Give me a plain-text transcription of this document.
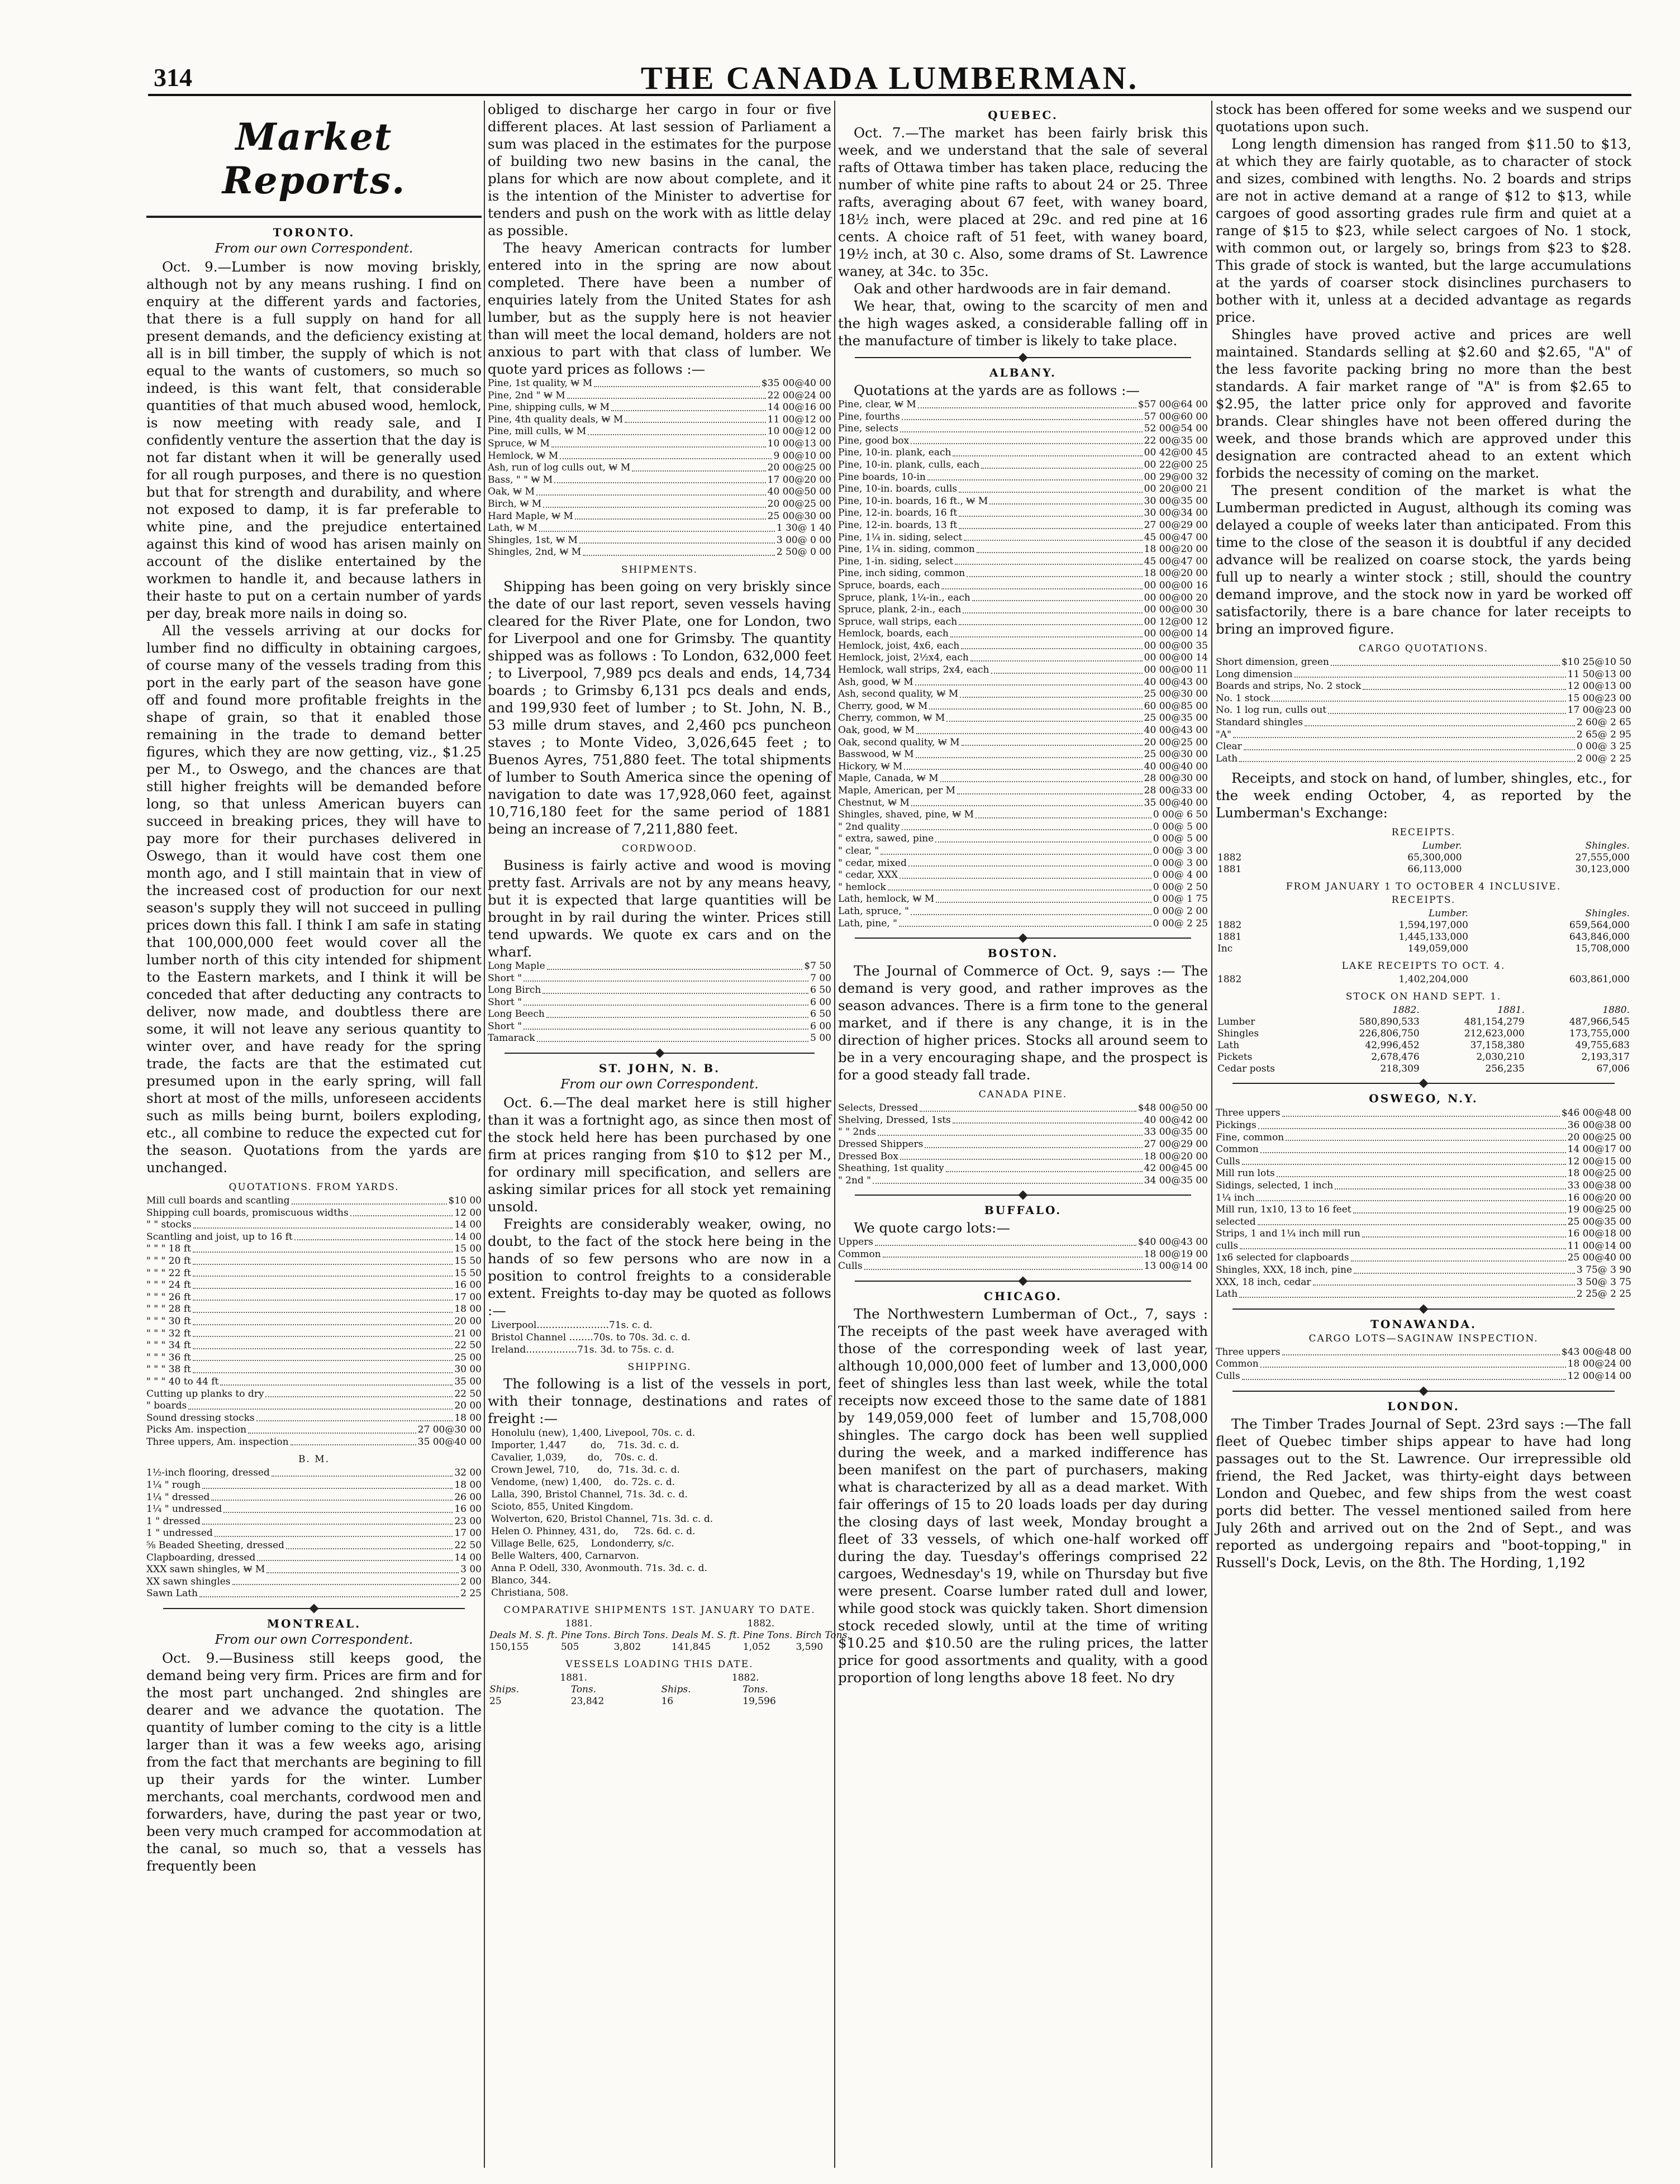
314	THE CANADA LUMBERMAN.
Market Reports.
TORONTO.
From our own Correspondent.

Oct. 9.—Lumber is now moving briskly, although not by any means rushing. I find on enquiry at the different yards and factories, that there is a full supply on hand for all present demands, and the deficiency existing at all is in bill timber, the supply of which is not equal to the wants of customers, so much so indeed, is this want felt, that considerable quantities of that much abused wood, hemlock, is now meeting with ready sale, and I confidently venture the assertion that the day is not far distant when it will be generally used for all rough purposes, and there is no question but that for strength and durability, and where not exposed to damp, it is far preferable to white pine, and the prejudice entertained against this kind of wood has arisen mainly on account of the dislike entertained by the workmen to handle it, and because lathers in their haste to put on a certain number of yards per day, break more nails in doing so.

All the vessels arriving at our docks for lumber find no difficulty in obtaining cargoes, of course many of the vessels trading from this port in the early part of the season have gone off and found more profitable freights in the shape of grain, so that it enabled those remaining in the trade to demand better figures, which they are now getting, viz., $1.25 per M., to Oswego, and the chances are that still higher freights will be demanded before long, so that unless American buyers can succeed in breaking prices, they will have to pay more for their purchases delivered in Oswego, than it would have cost them one month ago, and I still maintain that in view of the increased cost of production for our next season's supply they will not succeed in pulling prices down this fall. I think I am safe in stating that 100,000,000 feet would cover all the lumber north of this city intended for shipment to the Eastern markets, and I think it will be conceded that after deducting any contracts to deliver, now made, and doubtless there are some, it will not leave any serious quantity to winter over, and have ready for the spring trade, the facts are that the estimated cut presumed upon in the early spring, will fall short at most of the mills, unforeseen accidents such as mills being burnt, boilers exploding, etc., all combine to reduce the expected cut for the season. Quotations from the yards are unchanged.

QUOTATIONS. FROM YARDS.
Mill cull boards and scantling	$10 00
Shipping cull boards, promiscuous widths	12 00
" " stocks	14 00
Scantling and joist, up to 16 ft	14 00
" " " 18 ft	15 00
" " " 20 ft	15 50
" " " 22 ft	15 50
" " " 24 ft	16 00
" " " 26 ft	17 00
" " " 28 ft	18 00
" " " 30 ft	20 00
" " " 32 ft	21 00
" " " 34 ft	22 50
" " " 36 ft	25 00
" " " 38 ft	30 00
" " " 40 to 44 ft	35 00
Cutting up planks to dry	22 50
" boards	20 00
Sound dressing stocks	18 00
Picks Am. inspection	27 00@30 00
Three uppers, Am. inspection	35 00@40 00
B. M.
1½-inch flooring, dressed	32 00
1¼ " rough	18 00
1¼ " dressed	26 00
1¼ " undressed	16 00
1 " dressed	23 00
1 " undressed	17 00
⅝ Beaded Sheeting, dressed	22 50
Clapboarding, dressed	14 00
XXX sawn shingles, ₩ M	3 00
XX sawn shingles	2 00
Sawn Lath	2 25
MONTREAL.
From our own Correspondent.

Oct. 9.—Business still keeps good, the demand being very firm. Prices are firm and for the most part unchanged. 2nd shingles are dearer and we advance the quotation. The quantity of lumber coming to the city is a little larger than it was a few weeks ago, arising from the fact that merchants are begining to fill up their yards for the winter. Lumber merchants, coal merchants, cordwood men and forwarders, have, during the past year or two, been very much cramped for accommodation at the canal, so much so, that a vessels has frequently been

obliged to discharge her cargo in four or five different places. At last session of Parliament a sum was placed in the estimates for the purpose of building two new basins in the canal, the plans for which are now about complete, and it is the intention of the Minister to advertise for tenders and push on the work with as little delay as possible.

The heavy American contracts for lumber entered into in the spring are now about completed. There have been a number of enquiries lately from the United States for ash lumber, but as the supply here is not heavier than will meet the local demand, holders are not anxious to part with that class of lumber. We quote yard prices as follows :—

Pine, 1st quality, ₩ M	$35 00@40 00
Pine, 2nd " ₩ M	22 00@24 00
Pine, shipping culls, ₩ M	14 00@16 00
Pine, 4th quality deals, ₩ M	11 00@12 00
Pine, mill culls, ₩ M	10 00@12 00
Spruce, ₩ M	10 00@13 00
Hemlock, ₩ M	9 00@10 00
Ash, run of log culls out, ₩ M	20 00@25 00
Bass, " " ₩ M	17 00@20 00
Oak, ₩ M	40 00@50 00
Birch, ₩ M	20 00@25 00
Hard Maple, ₩ M	25 00@30 00
Lath, ₩ M	1 30@ 1 40
Shingles, 1st, ₩ M	3 00@ 0 00
Shingles, 2nd, ₩ M	2 50@ 0 00
SHIPMENTS.

Shipping has been going on very briskly since the date of our last report, seven vessels having cleared for the River Plate, one for London, two for Liverpool and one for Grimsby. The quantity shipped was as follows : To London, 632,000 feet ; to Liverpool, 7,989 pcs deals and ends, 14,734 boards ; to Grimsby 6,131 pcs deals and ends, and 199,930 feet of lumber ; to St. John, N. B., 53 mille drum staves, and 2,460 pcs puncheon staves ; to Monte Video, 3,026,645 feet ; to Buenos Ayres, 751,880 feet. The total shipments of lumber to South America since the opening of navigation to date was 17,928,060 feet, against 10,716,180 feet for the same period of 1881 being an increase of 7,211,880 feet.

CORDWOOD.

Business is fairly active and wood is moving pretty fast. Arrivals are not by any means heavy, but it is expected that large quantities will be brought in by rail during the winter. Prices still tend upwards. We quote ex cars and on the wharf.

Long Maple	$7 50
Short "	7 00
Long Birch	6 50
Short "	6 00
Long Beech	6 50
Short "	6 00
Tamarack	5 00
ST. JOHN, N. B.
From our own Correspondent.

Oct. 6.—The deal market here is still higher than it was a fortnight ago, as since then most of the stock held here has been purchased by one firm at prices ranging from $10 to $12 per M., for ordinary mill specification, and sellers are asking similar prices for all stock yet remaining unsold.

Freights are considerably weaker, owing, no doubt, to the fact of the stock here being in the hands of so few persons who are now in a position to control freights to a considerable extent. Freights to-day may be quoted as follows :—

Liverpool........................71s. c. d.
Bristol Channel ........70s. to 70s. 3d. c. d.
Ireland.................71s. 3d. to 75s. c. d.
SHIPPING.

The following is a list of the vessels in port, with their tonnage, destinations and rates of freight :—

Honolulu (new), 1,400, Livepool, 70s. c. d.
Importer, 1,447        do,    71s. 3d. c. d.
Cavalier, 1,039,       do,    70s. c. d.
Crown Jewel, 710,      do,  71s. 3d. c. d.
Vendome, (new) 1,400,    do. 72s. c. d.
Lalla, 390, Bristol Channel, 71s. 3d. c. d.
Scioto, 855, United Kingdom.
Wolverton, 620, Bristol Channel, 71s. 3d. c. d.
Helen O. Phinney, 431, do,     72s. 6d. c. d.
Village Belle, 625,    Londonderry, s/c.
Belle Walters, 400, Carnarvon.
Anna P. Odell, 330, Avonmouth. 71s. 3d. c. d.
Blanco, 344.
Christiana, 508.
COMPARATIVE SHIPMENTS 1ST. JANUARY TO DATE.
1881.			1882.		
Deals M. S. ft.	Pine Tons.	Birch Tons.	Deals M. S. ft.	Pine Tons.	Birch Tons.
150,155	505	3,802	141,845	1,052	3,590
VESSELS LOADING THIS DATE.
1881.		1882.	
Ships.	Tons.	Ships.	Tons.
25	23,842	16	19,596
QUEBEC.

Oct. 7.—The market has been fairly brisk this week, and we understand that the sale of several rafts of Ottawa timber has taken place, reducing the number of white pine rafts to about 24 or 25. Three rafts, averaging about 67 feet, with waney board, 18½ inch, were placed at 29c. and red pine at 16 cents. A choice raft of 51 feet, with waney board, 19½ inch, at 30 c. Also, some drams of St. Lawrence waney, at 34c. to 35c.

Oak and other hardwoods are in fair demand.

We hear, that, owing to the scarcity of men and the high wages asked, a considerable falling off in the manufacture of timber is likely to take place.

ALBANY.

Quotations at the yards are as follows :—

Pine, clear, ₩ M	$57 00@64 00
Pine, fourths	57 00@60 00
Pine, selects	52 00@54 00
Pine, good box	22 00@35 00
Pine, 10-in. plank, each	00 42@00 45
Pine, 10-in. plank, culls, each	00 22@00 25
Pine boards, 10-in	00 29@00 32
Pine, 10-in. boards, culls	00 20@00 21
Pine, 10-in. boards, 16 ft., ₩ M	30 00@35 00
Pine, 12-in. boards, 16 ft	30 00@34 00
Pine, 12-in. boards, 13 ft	27 00@29 00
Pine, 1¼ in. siding, select	45 00@47 00
Pine, 1¼ in. siding, common	18 00@20 00
Pine, 1-in. siding, select	45 00@47 00
Pine, inch siding, common	18 00@20 00
Spruce, boards, each	00 00@00 16
Spruce, plank, 1¼-in., each	00 00@00 20
Spruce, plank, 2-in., each	00 00@00 30
Spruce, wall strips, each	00 12@00 12
Hemlock, boards, each	00 00@00 14
Hemlock, joist, 4x6, each	00 00@00 35
Hemlock, joist, 2½x4, each	00 00@00 14
Hemlock, wall strips, 2x4, each	00 00@00 11
Ash, good, ₩ M	40 00@43 00
Ash, second quality, ₩ M	25 00@30 00
Cherry, good, ₩ M	60 00@85 00
Cherry, common, ₩ M	25 00@35 00
Oak, good, ₩ M	40 00@43 00
Oak, second quality, ₩ M	20 00@25 00
Basswood, ₩ M	25 00@30 00
Hickory, ₩ M	40 00@40 00
Maple, Canada, ₩ M	28 00@30 00
Maple, American, per M	28 00@33 00
Chestnut, ₩ M	35 00@40 00
Shingles, shaved, pine, ₩ M	0 00@ 6 50
" 2nd quality	0 00@ 5 00
" extra, sawed, pine	0 00@ 5 00
" clear, "	0 00@ 3 00
" cedar, mixed	0 00@ 3 00
" cedar, XXX	0 00@ 4 00
" hemlock	0 00@ 2 50
Lath, hemlock, ₩ M	0 00@ 1 75
Lath, spruce, "	0 00@ 2 00
Lath, pine, "	0 00@ 2 25
BOSTON.

The Journal of Commerce of Oct. 9, says :— The demand is very good, and rather improves as the season advances. There is a firm tone to the general market, and if there is any change, it is in the direction of higher prices. Stocks all around seem to be in a very encouraging shape, and the prospect is for a good steady fall trade.

CANADA PINE.
Selects, Dressed	$48 00@50 00
Shelving, Dressed, 1sts	40 00@42 00
" " 2nds	33 00@35 00
Dressed Shippers	27 00@29 00
Dressed Box	18 00@20 00
Sheathing, 1st quality	42 00@45 00
" 2nd "	34 00@35 00
BUFFALO.

We quote cargo lots:—

Uppers	$40 00@43 00
Common	18 00@19 00
Culls	13 00@14 00
CHICAGO.

The Northwestern Lumberman of Oct., 7, says : The receipts of the past week have averaged with those of the corresponding week of last year, although 10,000,000 feet of lumber and 13,000,000 feet of shingles less than last week, while the total receipts now exceed those to the same date of 1881 by 149,059,000 feet of lumber and 15,708,000 shingles. The cargo dock has been well supplied during the week, and a marked indifference has been manifest on the part of purchasers, making what is characterized by all as a dead market. With fair offerings of 15 to 20 loads loads per day during the closing days of last week, Monday brought a fleet of 33 vessels, of which one-half worked off during the day. Tuesday's offerings comprised 22 cargoes, Wednesday's 19, while on Thursday but five were present. Coarse lumber rated dull and lower, while good stock was quickly taken. Short dimension stock receded slowly, until at the time of writing $10.25 and $10.50 are the ruling prices, the latter price for good assortments and quality, with a good proportion of long lengths above 18 feet. No dry

stock has been offered for some weeks and we suspend our quotations upon such.

Long length dimension has ranged from $11.50 to $13, at which they are fairly quotable, as to character of stock and sizes, combined with lengths. No. 2 boards and strips are not in active demand at a range of $12 to $13, while cargoes of good assorting grades rule firm and quiet at a range of $15 to $23, while select cargoes of No. 1 stock, with common out, or largely so, brings from $23 to $28. This grade of stock is wanted, but the large accumulations at the yards of coarser stock disinclines purchasers to bother with it, unless at a decided advantage as regards price.

Shingles have proved active and prices are well maintained. Standards selling at $2.60 and $2.65, "A" of the less favorite packing bring no more than the best standards. A fair market range of "A" is from $2.65 to $2.95, the latter price only for approved and favorite brands. Clear shingles have not been offered during the week, and those brands which are approved under this designation are contracted ahead to an extent which forbids the necessity of coming on the market.

The present condition of the market is what the Lumberman predicted in August, although its coming was delayed a couple of weeks later than anticipated. From this time to the close of the season it is doubtful if any decided advance will be realized on coarse stock, the yards being full up to nearly a winter stock ; still, should the country demand improve, and the stock now in yard be worked off satisfactorily, there is a bare chance for later receipts to bring an improved figure.

CARGO QUOTATIONS.
Short dimension, green	$10 25@10 50
Long dimension	11 50@13 00
Boards and strips, No. 2 stock	12 00@13 00
No. 1 stock	15 00@23 00
No. 1 log run, culls out	17 00@23 00
Standard shingles	2 60@ 2 65
"A"	2 65@ 2 95
Clear	0 00@ 3 25
Lath	2 00@ 2 25

Receipts, and stock on hand, of lumber, shingles, etc., for the week ending October, 4, as reported by the Lumberman's Exchange:

RECEIPTS.
	Lumber.	Shingles.
1882	65,300,000	27,555,000
1881	66,113,000	30,123,000
FROM JANUARY 1 TO OCTOBER 4 INCLUSIVE.
RECEIPTS.
	Lumber.	Shingles.
1882	1,594,197,000	659,564,000
1881	1,445,133,000	643,846,000
Inc	149,059,000	15,708,000
LAKE RECEIPTS TO OCT. 4.
1882	1,402,204,000	603,861,000
STOCK ON HAND SEPT. 1.
	1882.	1881.	1880.
Lumber	580,890,533	481,154,279	487,966,545
Shingles	226,806,750	212,623,000	173,755,000
Lath	42,996,452	37,158,380	49,755,683
Pickets	2,678,476	2,030,210	2,193,317
Cedar posts	218,309	256,235	67,006
OSWEGO, N.Y.
Three uppers	$46 00@48 00
Pickings	36 00@38 00
Fine, common	20 00@25 00
Common	14 00@17 00
Culls	12 00@15 00
Mill run lots	18 00@25 00
Sidings, selected, 1 inch	33 00@38 00
1¼ inch	16 00@20 00
Mill run, 1x10, 13 to 16 feet	19 00@25 00
selected	25 00@35 00
Strips, 1 and 1¼ inch mill run	16 00@18 00
culls	11 00@14 00
1x6 selected for clapboards	25 00@40 00
Shingles, XXX, 18 inch, pine	3 75@ 3 90
XXX, 18 inch, cedar	3 50@ 3 75
Lath	2 25@ 2 25
TONAWANDA.
CARGO LOTS—SAGINAW INSPECTION.
Three uppers	$43 00@48 00
Common	18 00@24 00
Culls	12 00@14 00
LONDON.

The Timber Trades Journal of Sept. 23rd says :—The fall fleet of Quebec timber ships appear to have had long passages out to the St. Lawrence. Our irrepressible old friend, the Red Jacket, was thirty-eight days between London and Quebec, and few ships from the west coast ports did better. The vessel mentioned sailed from here July 26th and arrived out on the 2nd of Sept., and was reported as undergoing repairs and "boot-topping," in Russell's Dock, Levis, on the 8th. The Hording, 1,192
